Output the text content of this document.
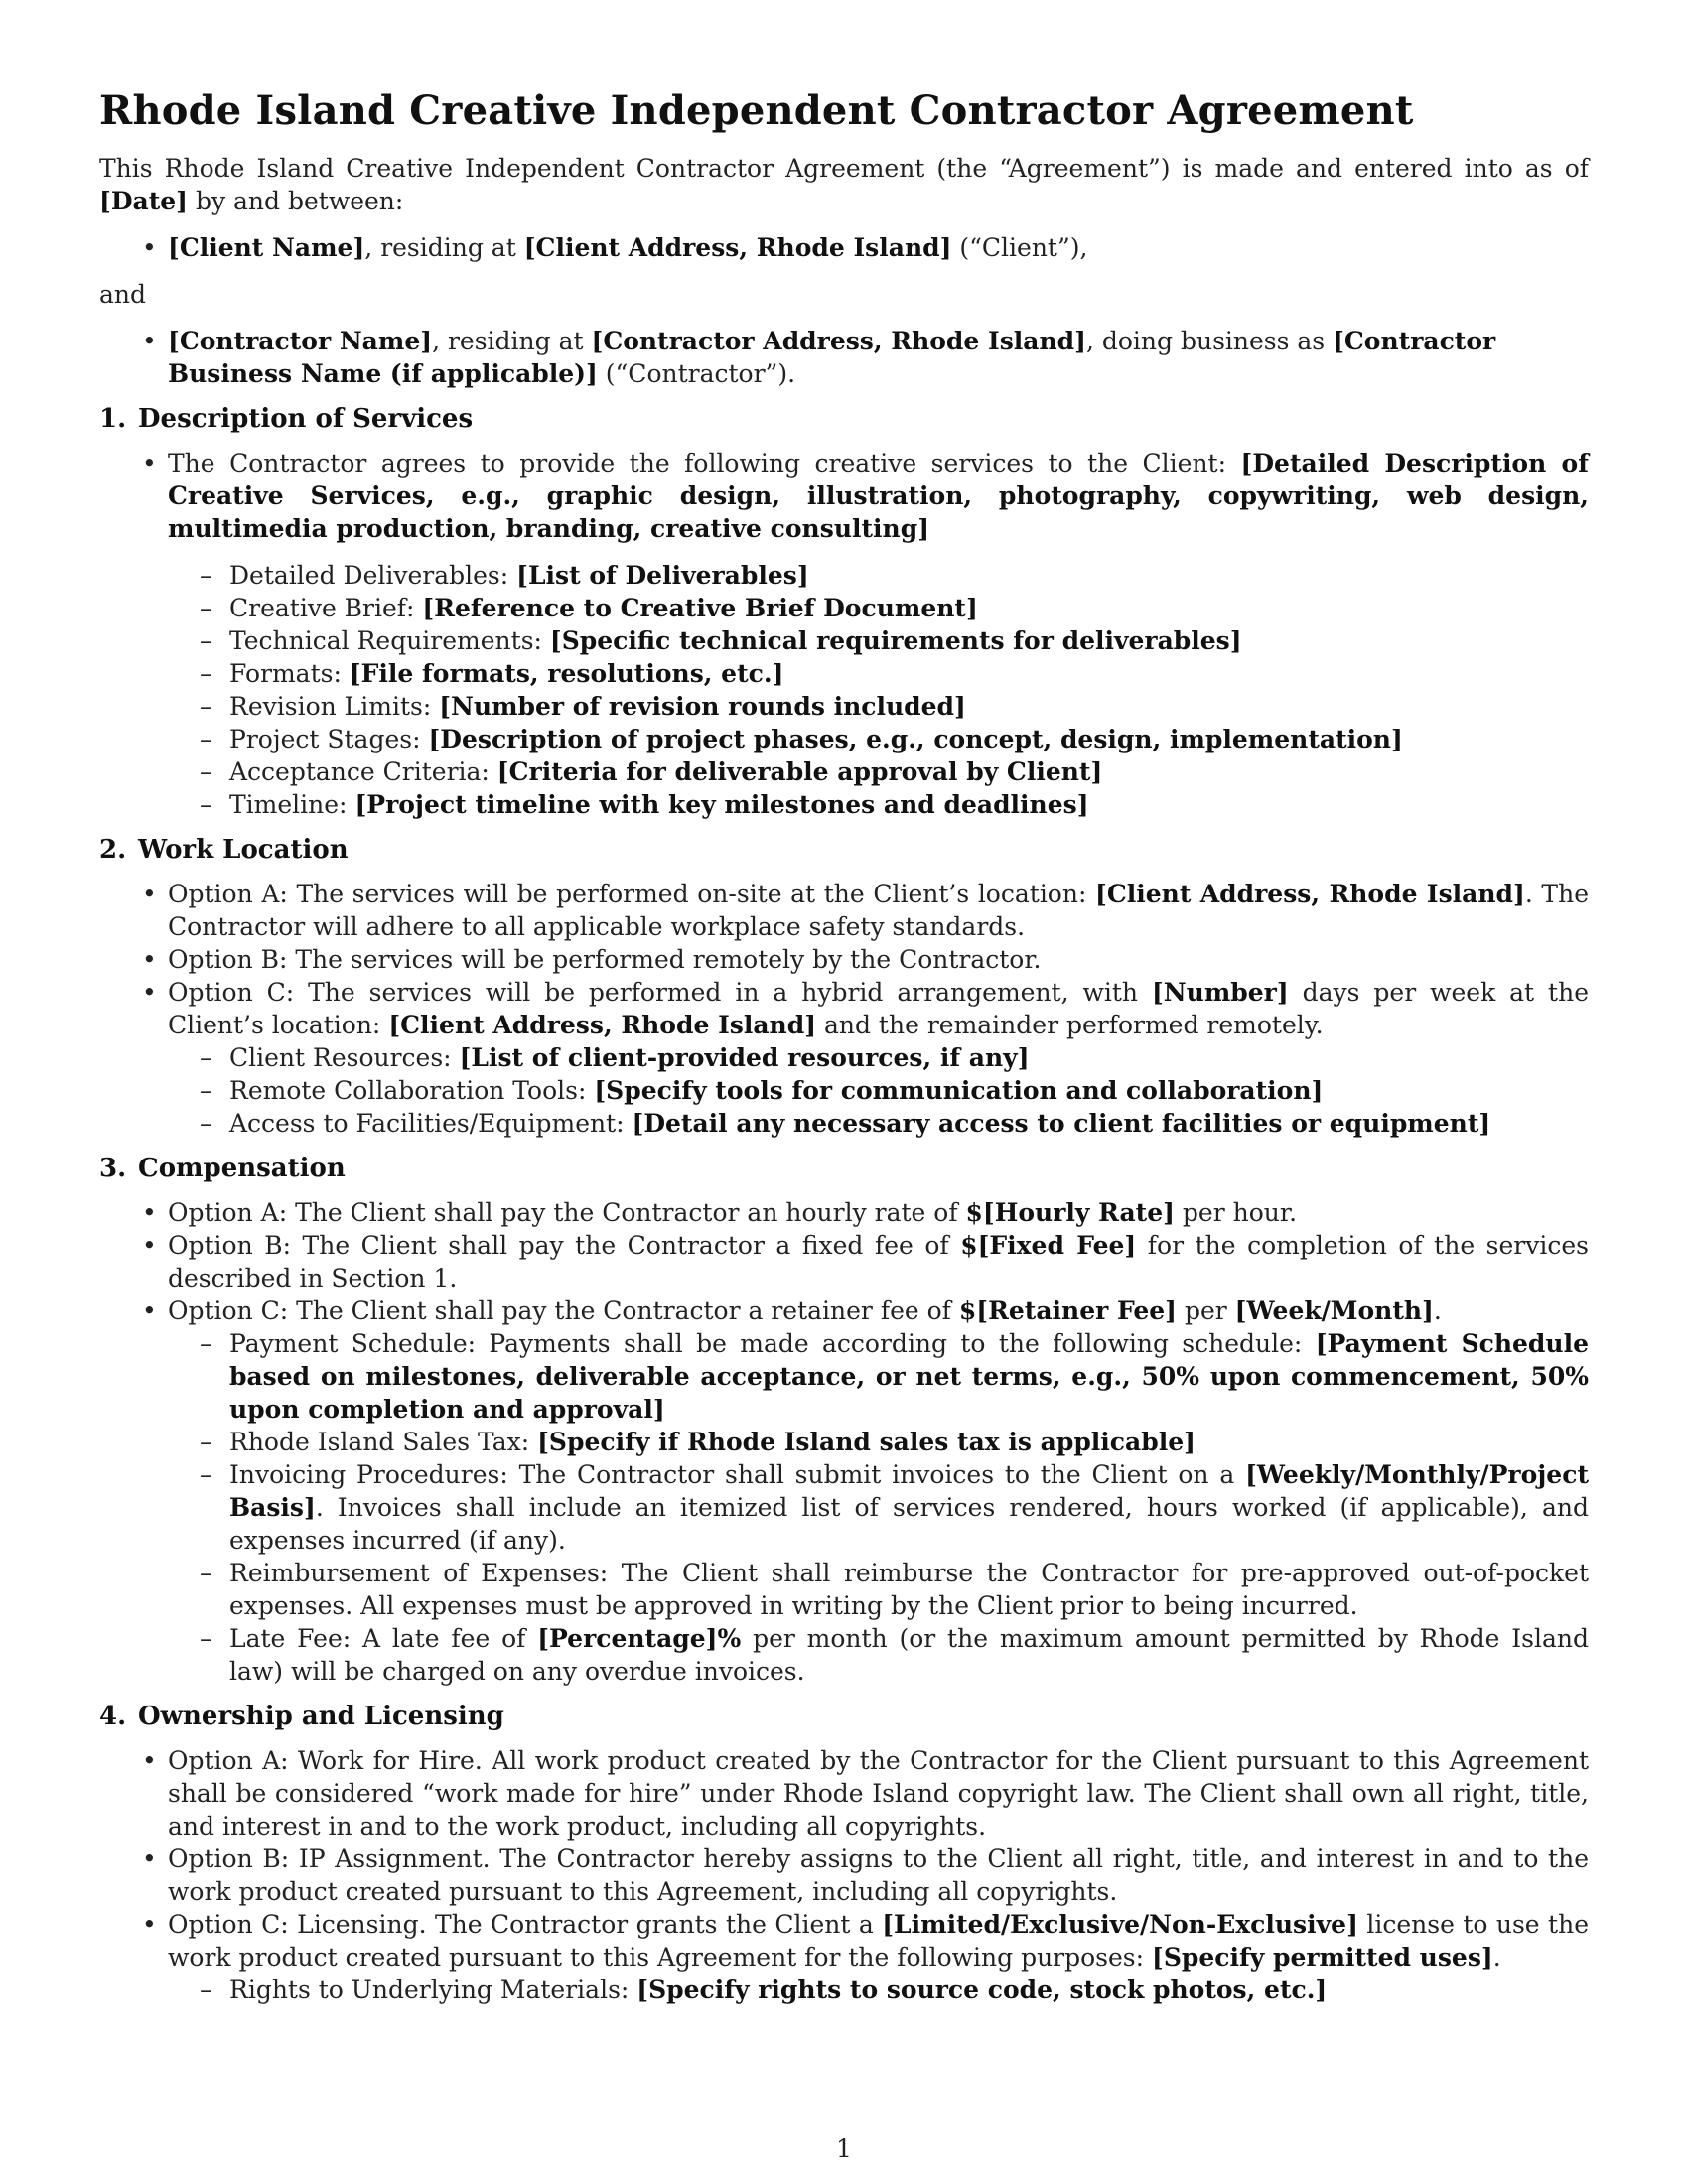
Rhode Island Creative Independent Contractor Agreement

This Rhode Island Creative Independent Contractor Agreement (the “Agreement”) is made and entered into as of [Date] by and between:

• [Client Name], residing at [Client Address, Rhode Island] (“Client”),

and

• [Contractor Name], residing at [Contractor Address, Rhode Island], doing business as [Contractor Business Name (if applicable)] (“Contractor”).
1. Description of Services
• The Contractor agrees to provide the following creative services to the Client: [Detailed Description of Creative Services, e.g., graphic design, illustration, photography, copywriting, web design, multimedia production, branding, creative consulting]
– Detailed Deliverables: [List of Deliverables]
– Creative Brief: [Reference to Creative Brief Document]
– Technical Requirements: [Specific technical requirements for deliverables]
– Formats: [File formats, resolutions, etc.]
– Revision Limits: [Number of revision rounds included]
– Project Stages: [Description of project phases, e.g., concept, design, implementation]
– Acceptance Criteria: [Criteria for deliverable approval by Client]
– Timeline: [Project timeline with key milestones and deadlines]
2. Work Location
• Option A: The services will be performed on-site at the Client’s location: [Client Address, Rhode Island]. The Contractor will adhere to all applicable workplace safety standards.
• Option B: The services will be performed remotely by the Contractor.
• Option C: The services will be performed in a hybrid arrangement, with [Number] days per week at the Client’s location: [Client Address, Rhode Island] and the remainder performed remotely.
– Client Resources: [List of client-provided resources, if any]
– Remote Collaboration Tools: [Specify tools for communication and collaboration]
– Access to Facilities/Equipment: [Detail any necessary access to client facilities or equipment]
3. Compensation
• Option A: The Client shall pay the Contractor an hourly rate of $[Hourly Rate] per hour.
• Option B: The Client shall pay the Contractor a fixed fee of $[Fixed Fee] for the completion of the services described in Section 1.
• Option C: The Client shall pay the Contractor a retainer fee of $[Retainer Fee] per [Week/Month].
– Payment Schedule: Payments shall be made according to the following schedule: [Payment Schedule based on milestones, deliverable acceptance, or net terms, e.g., 50% upon commencement, 50% upon completion and approval]
– Rhode Island Sales Tax: [Specify if Rhode Island sales tax is applicable]
– Invoicing Procedures: The Contractor shall submit invoices to the Client on a [Weekly/Monthly/Project Basis]. Invoices shall include an itemized list of services rendered, hours worked (if applicable), and expenses incurred (if any).
– Reimbursement of Expenses: The Client shall reimburse the Contractor for pre-approved out-of-pocket expenses. All expenses must be approved in writing by the Client prior to being incurred.
– Late Fee: A late fee of [Percentage]% per month (or the maximum amount permitted by Rhode Island law) will be charged on any overdue invoices.
4. Ownership and Licensing
• Option A: Work for Hire. All work product created by the Contractor for the Client pursuant to this Agreement shall be considered “work made for hire” under Rhode Island copyright law. The Client shall own all right, title, and interest in and to the work product, including all copyrights.
• Option B: IP Assignment. The Contractor hereby assigns to the Client all right, title, and interest in and to the work product created pursuant to this Agreement, including all copyrights.
• Option C: Licensing. The Contractor grants the Client a [Limited/Exclusive/Non-Exclusive] license to use the work product created pursuant to this Agreement for the following purposes: [Specify permitted uses].
– Rights to Underlying Materials: [Specify rights to source code, stock photos, etc.]
1
